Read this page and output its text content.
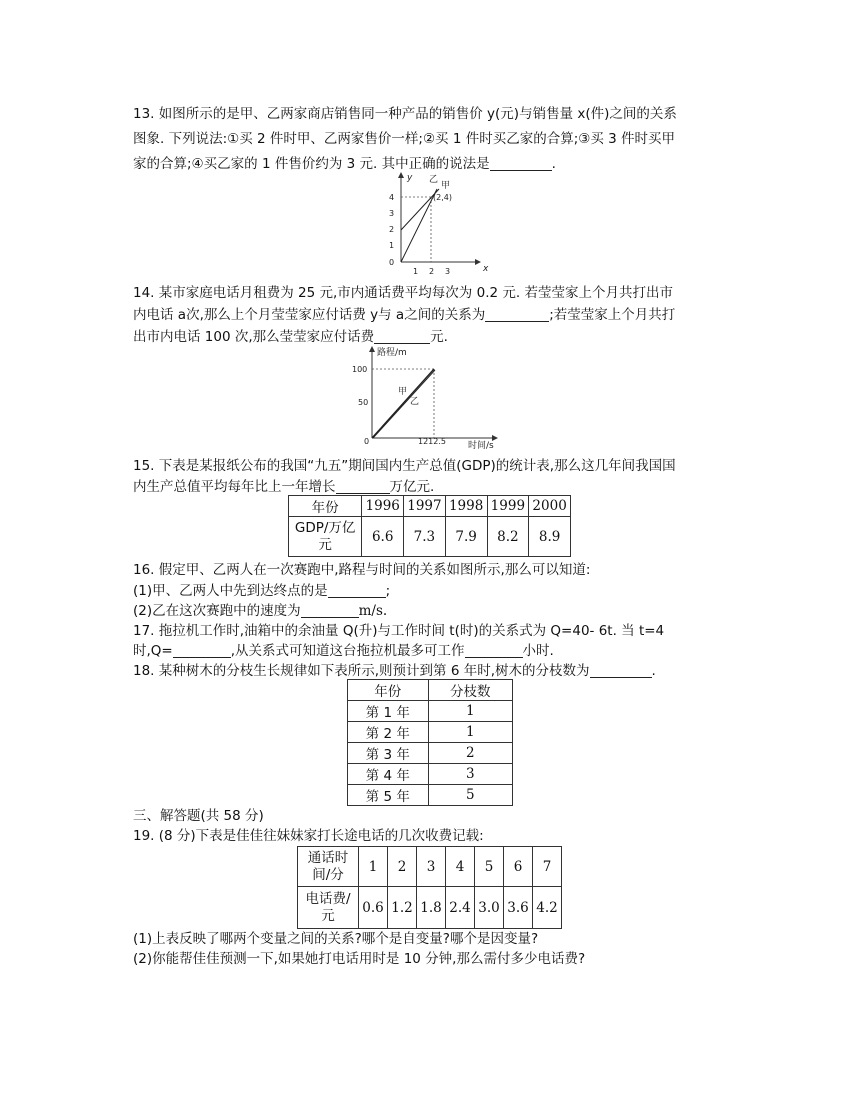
13. 如图所示的是甲、乙两家商店销售同一种产品的销售价 y(元)与销售量 x(件)之间的关系
图象. 下列说法:①买 2 件时甲、乙两家售价一样;②买 1 件时买乙家的合算;③买 3 件时买甲
家的合算;④买乙家的 1 件售价约为 3 元. 其中正确的说法是	.
y
x
4
3
2
1
0
1 2 3
乙
甲
(2,4)
14. 某市家庭电话月租费为 25 元,市内通话费平均每次为 0.2 元. 若莹莹家上个月共打出市
内电话 a次,那么上个月莹莹家应付话费 y与 a之间的关系为	;若莹莹家上个月共打
出市内电话 100 次,那么莹莹家应付话费	元.
路程/m
时间/s
100
50
0	1212.5
甲
乙
15. 下表是某报纸公布的我国“九五”期间国内生产总值(GDP)的统计表,那么这几年间我国国
内生产总值平均每年比上一年增长	万亿元.
年份	1996	1997	1998	1999	2000

GDP/万亿
元	6.6	7.3	7.9	8.2	8.9
16. 假定甲、乙两人在一次赛跑中,路程与时间的关系如图所示,那么可以知道:
(1)甲、乙两人中先到达终点的是	;
(2)乙在这次赛跑中的速度为	m/s.
17. 拖拉机工作时,油箱中的余油量 Q(升)与工作时间 t(时)的关系式为 Q=40- 6t. 当 t=4
时,Q=	,从关系式可知道这台拖拉机最多可工作	小时.
18. 某种树木的分枝生长规律如下表所示,则预计到第 6 年时,树木的分枝数为	.
年份	分枝数
第 1 年	1
第 2 年	1
第 3 年	2
第 4 年	3
第 5 年	5
三、解答题(共 58 分)
19. (8 分)下表是佳佳往妹妹家打长途电话的几次收费记载:
通话时
间/分	1	2	3	4	5	6	7

电话费/
元	0.6	1.2	1.8	2.4	3.0	3.6	4.2
(1)上表反映了哪两个变量之间的关系?哪个是自变量?哪个是因变量?
(2)你能帮佳佳预测一下,如果她打电话用时是 10 分钟,那么需付多少电话费?
